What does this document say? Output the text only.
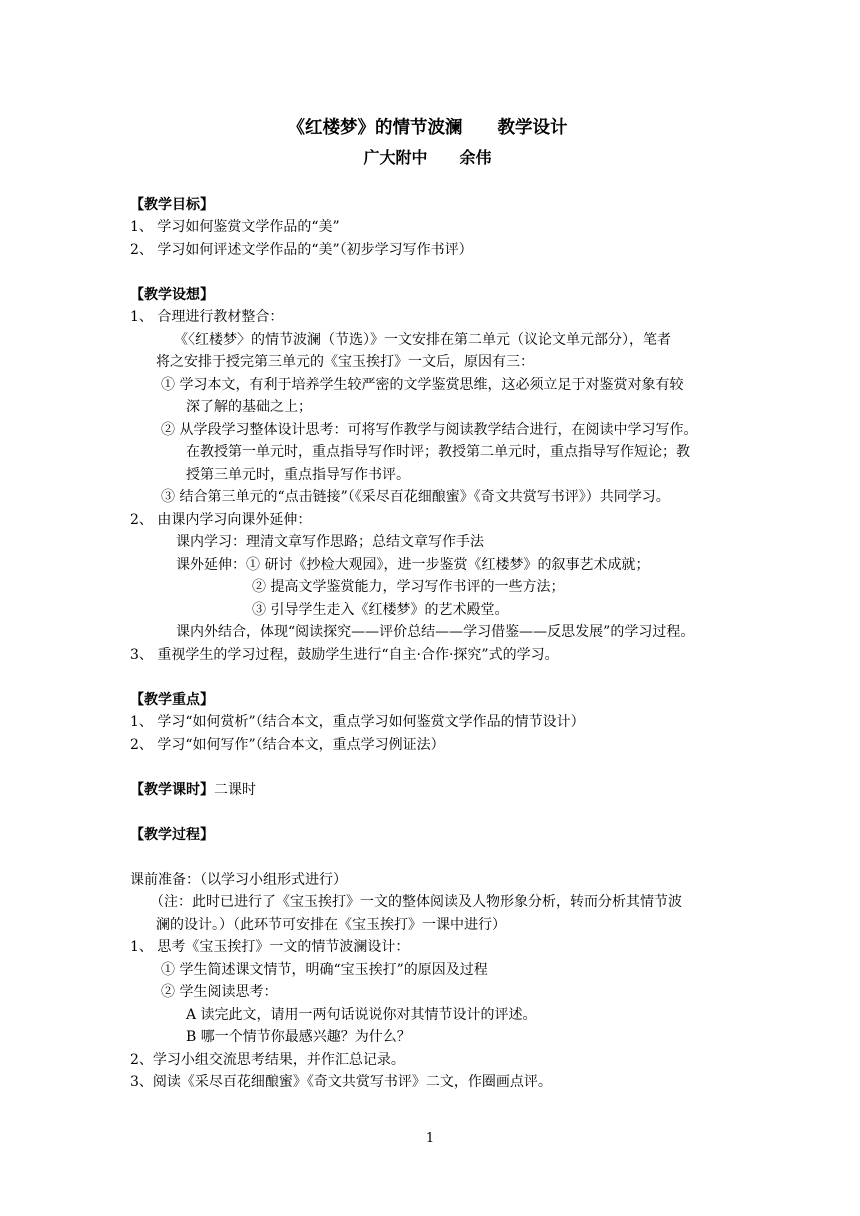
《红楼梦》的情节波澜　　教学设计
广大附中　　余伟
【教学目标】
1、 学习如何鉴赏文学作品的“美”
2、 学习如何评述文学作品的“美”（初步学习写作书评）
【教学设想】
1、 合理进行教材整合：
《〈红楼梦〉的情节波澜（节选）》一文安排在第二单元（议论文单元部分），笔者
将之安排于授完第三单元的《宝玉挨打》一文后，原因有三：
① 学习本文，有利于培养学生较严密的文学鉴赏思维，这必须立足于对鉴赏对象有较
深了解的基础之上；
② 从学段学习整体设计思考：可将写作教学与阅读教学结合进行，在阅读中学习写作。
在教授第一单元时，重点指导写作时评；教授第二单元时，重点指导写作短论；教
授第三单元时，重点指导写作书评。
③ 结合第三单元的“点击链接”（《采尽百花细酿蜜》《奇文共赏写书评》）共同学习。
2、 由课内学习向课外延伸：
课内学习：理清文章写作思路；总结文章写作手法
课外延伸：① 研讨《抄检大观园》，进一步鉴赏《红楼梦》的叙事艺术成就；
② 提高文学鉴赏能力，学习写作书评的一些方法；
③ 引导学生走入《红楼梦》的艺术殿堂。
课内外结合，体现“阅读探究——评价总结——学习借鉴——反思发展”的学习过程。
3、 重视学生的学习过程，鼓励学生进行“自主·合作·探究”式的学习。
【教学重点】
1、 学习“如何赏析”（结合本文，重点学习如何鉴赏文学作品的情节设计）
2、 学习“如何写作”（结合本文，重点学习例证法）
【教学课时】二课时
【教学过程】
课前准备：（以学习小组形式进行）
（注：此时已进行了《宝玉挨打》一文的整体阅读及人物形象分析，转而分析其情节波
澜的设计。）（此环节可安排在《宝玉挨打》一课中进行）
1、 思考《宝玉挨打》一文的情节波澜设计：
① 学生简述课文情节，明确“宝玉挨打”的原因及过程
② 学生阅读思考：
A 读完此文，请用一两句话说说你对其情节设计的评述。
B 哪一个情节你最感兴趣？为什么？
2、学习小组交流思考结果，并作汇总记录。
3、阅读《采尽百花细酿蜜》《奇文共赏写书评》二文，作圈画点评。
1
